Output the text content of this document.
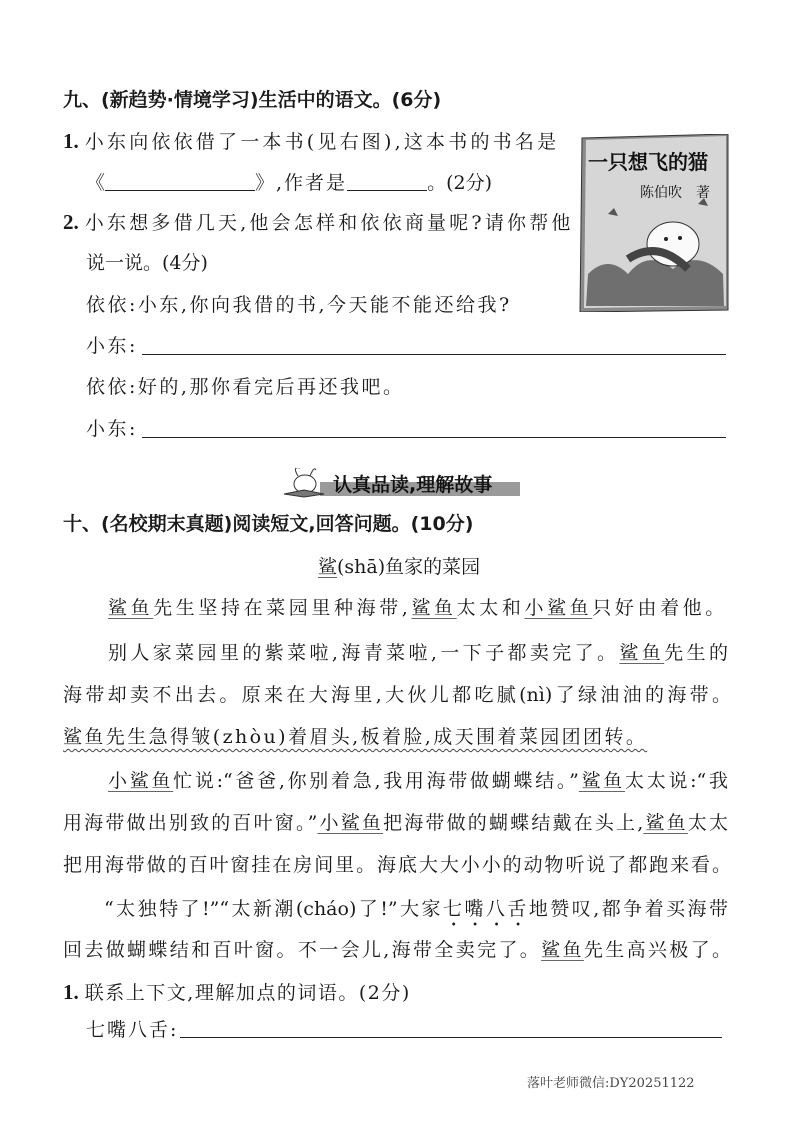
九、(新趋势·情境学习)生活中的语文。(6分)
1. 小东向依依借了一本书(见右图),这本书的书名是
《	》,作者是	。(2分)
2. 小东想多借几天,他会怎样和依依商量呢?请你帮他
说一说。(4分)
依依:小东,你向我借的书,今天能不能还给我?
小东:
依依:好的,那你看完后再还我吧。
小东:
一只想飞的猫
陈伯吹　著
认真品读,理解故事
十、(名校期末真题)阅读短文,回答问题。(10分)
鲨(shā)鱼家的菜园
鲨鱼先生坚持在菜园里种海带,鲨鱼太太和小鲨鱼只好由着他。
别人家菜园里的紫菜啦,海青菜啦,一下子都卖完了。鲨鱼先生的
海带却卖不出去。原来在大海里,大伙儿都吃腻(nì)了绿油油的海带。
鲨鱼先生急得皱(zhòu)着眉头,板着脸,成天围着菜园团团转。
小鲨鱼忙说:“爸爸,你别着急,我用海带做蝴蝶结。”鲨鱼太太说:“我
用海带做出别致的百叶窗。”小鲨鱼把海带做的蝴蝶结戴在头上,鲨鱼太太
把用海带做的百叶窗挂在房间里。海底大大小小的动物听说了都跑来看。
“太独特了!”“太新潮(cháo)了!”大家七嘴八舌地赞叹,都争着买海带
回去做蝴蝶结和百叶窗。不一会儿,海带全卖完了。鲨鱼先生高兴极了。
1. 联系上下文,理解加点的词语。(2分)
七嘴八舌:
落叶老师微信:DY20251122
